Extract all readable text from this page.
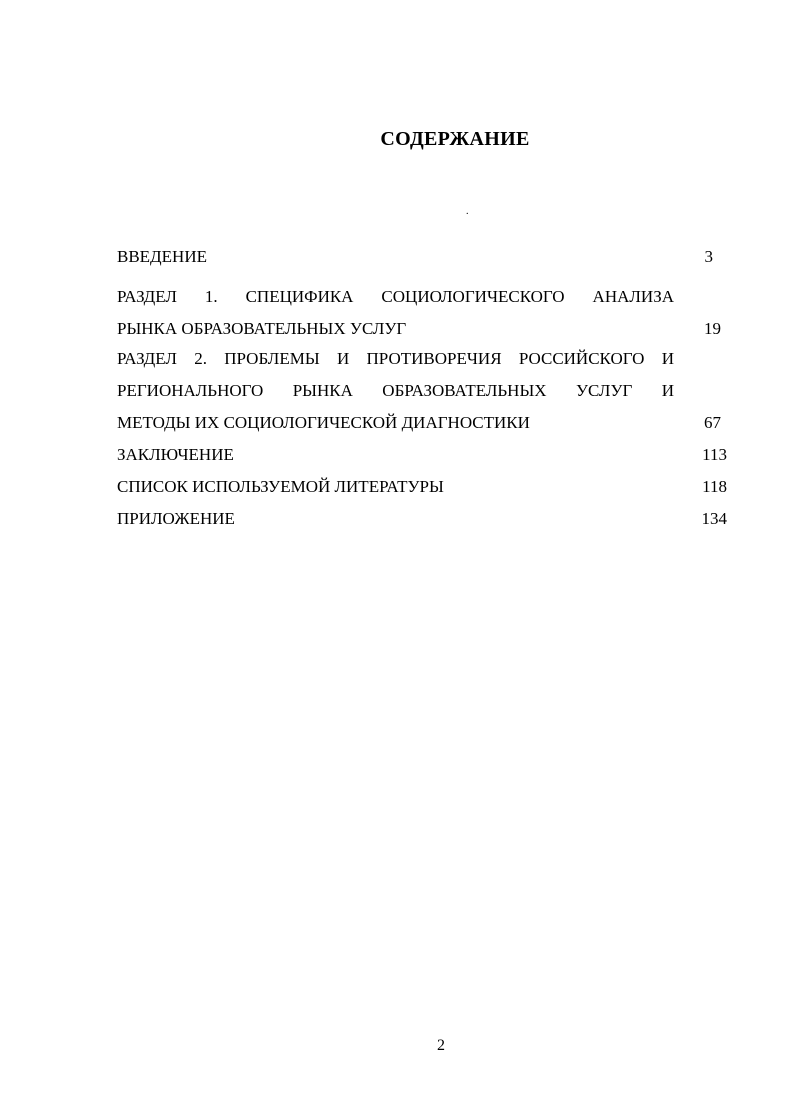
СОДЕРЖАНИЕ
.
ВВЕДЕНИЕ	3
РАЗДЕЛ 1. СПЕЦИФИКА СОЦИОЛОГИЧЕСКОГО АНАЛИЗА
РЫНКА ОБРАЗОВАТЕЛЬНЫХ УСЛУГ	19
РАЗДЕЛ 2. ПРОБЛЕМЫ И ПРОТИВОРЕЧИЯ РОССИЙСКОГО И
РЕГИОНАЛЬНОГО РЫНКА ОБРАЗОВАТЕЛЬНЫХ УСЛУГ И
МЕТОДЫ ИХ СОЦИОЛОГИЧЕСКОЙ ДИАГНОСТИКИ	67
ЗАКЛЮЧЕНИЕ	113
СПИСОК ИСПОЛЬЗУЕМОЙ ЛИТЕРАТУРЫ	118
ПРИЛОЖЕНИЕ	134
2
